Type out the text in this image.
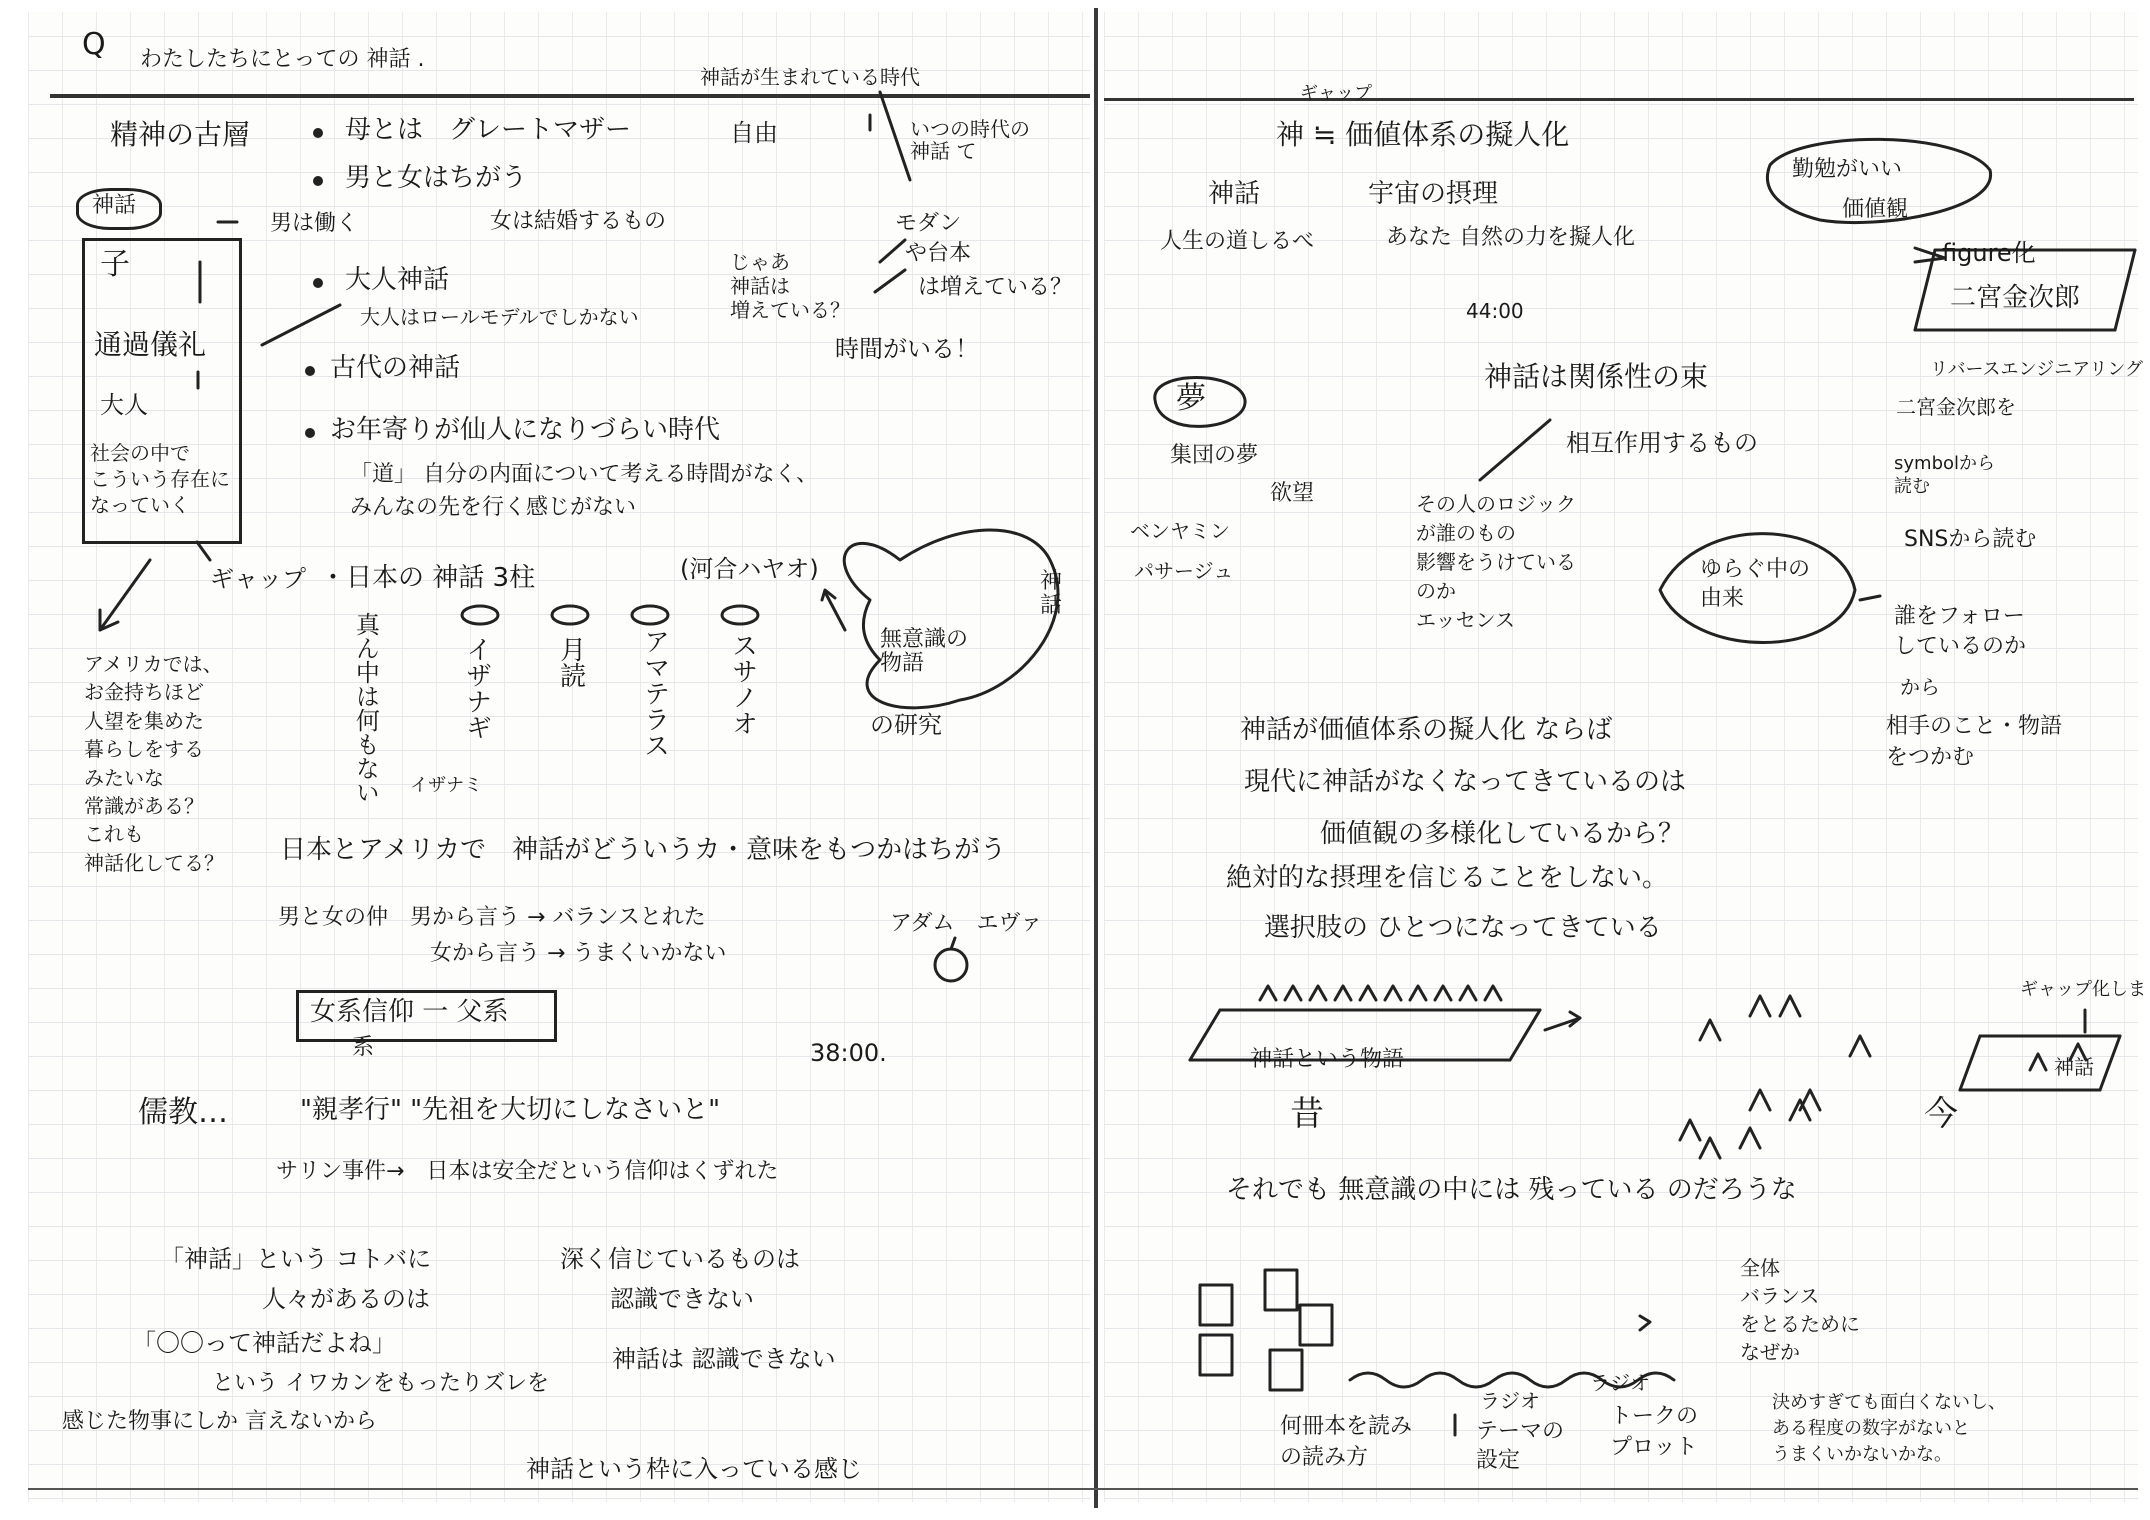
Q わたしたちにとっての 神話 .
神話が生まれている時代
いつの時代の
神話 て
自由
精神の古層	母とは　グレートマザー
男と女はちがう
男は働く	女は結婚するもの
神話
子
通過儀礼
大人
社会の中で
こういう存在に
なっていく
大人神話
大人はロールモデルでしかない
古代の神話
お年寄りが仙人になりづらい時代
「道」 自分の内面について考える時間がなく、
みんなの先を行く感じがない
じゃあ
神話は
増えている？
モダン
や台本
は増えている？
時間がいる！
ギャップ ・日本の 神話 3柱	(河合ハヤオ)
無意識の
物語
神
話
の研究
真ん中は何もない	イザナギ 月読 アマテラス スサノオ
イザナミ
アメリカでは、
お金持ちほど
人望を集めた
暮らしをする
みたいな
常識がある？
これも
神話化してる？ 日本とアメリカで　神話がどういうカ・意味をもつかはちがう
男と女の仲　男から言う → バランスとれた
女から言う → うまくいかない
アダム　エヴァ
女系信仰 一 父系
系	38:00.
儒教…	"親孝行" "先祖を大切にしなさいと"
サリン事件→　日本は安全だという信仰はくずれた
「神話」という コトバに
人々があるのは
「〇〇って神話だよね」
という イワカンをもったりズレを
感じた物事にしか 言えないから
深く信じているものは
認識できない
神話は 認識できない
神話という枠に入っている感じ
ギャップ
神 ≒ 価値体系の擬人化
神話
人生の道しるべ
宇宙の摂理
あなた 自然の力を擬人化
44:00
夢
集団の夢
欲望
ベンヤミン
パサージュ
神話は関係性の束
相互作用するもの
その人のロジック
が誰のもの
影響をうけている
のか
エッセンス
ゆらぐ中の
由来
勤勉がいい
価値観
figure化
二宮金次郎
リバースエンジニアリング
二宮金次郎を
symbolから
読む
SNSから読む
誰をフォロー
しているのか
から
相手のこと・物語
をつかむ
神話が価値体系の擬人化 ならば
現代に神話がなくなってきているのは
価値観の多様化しているから？
絶対的な摂理を信じることをしない。
選択肢の ひとつになってきている
神話という物語
昔	今
ギャップ化しま
神話
それでも 無意識の中には 残っている のだろうな
全体
バランス
をとるために
なぜか
何冊本を読み
の読み方
ラジオ
テーマの
設定
ラジオ
トークの
プロット
決めすぎても面白くないし、
ある程度の数字がないと
うまくいかないかな。
